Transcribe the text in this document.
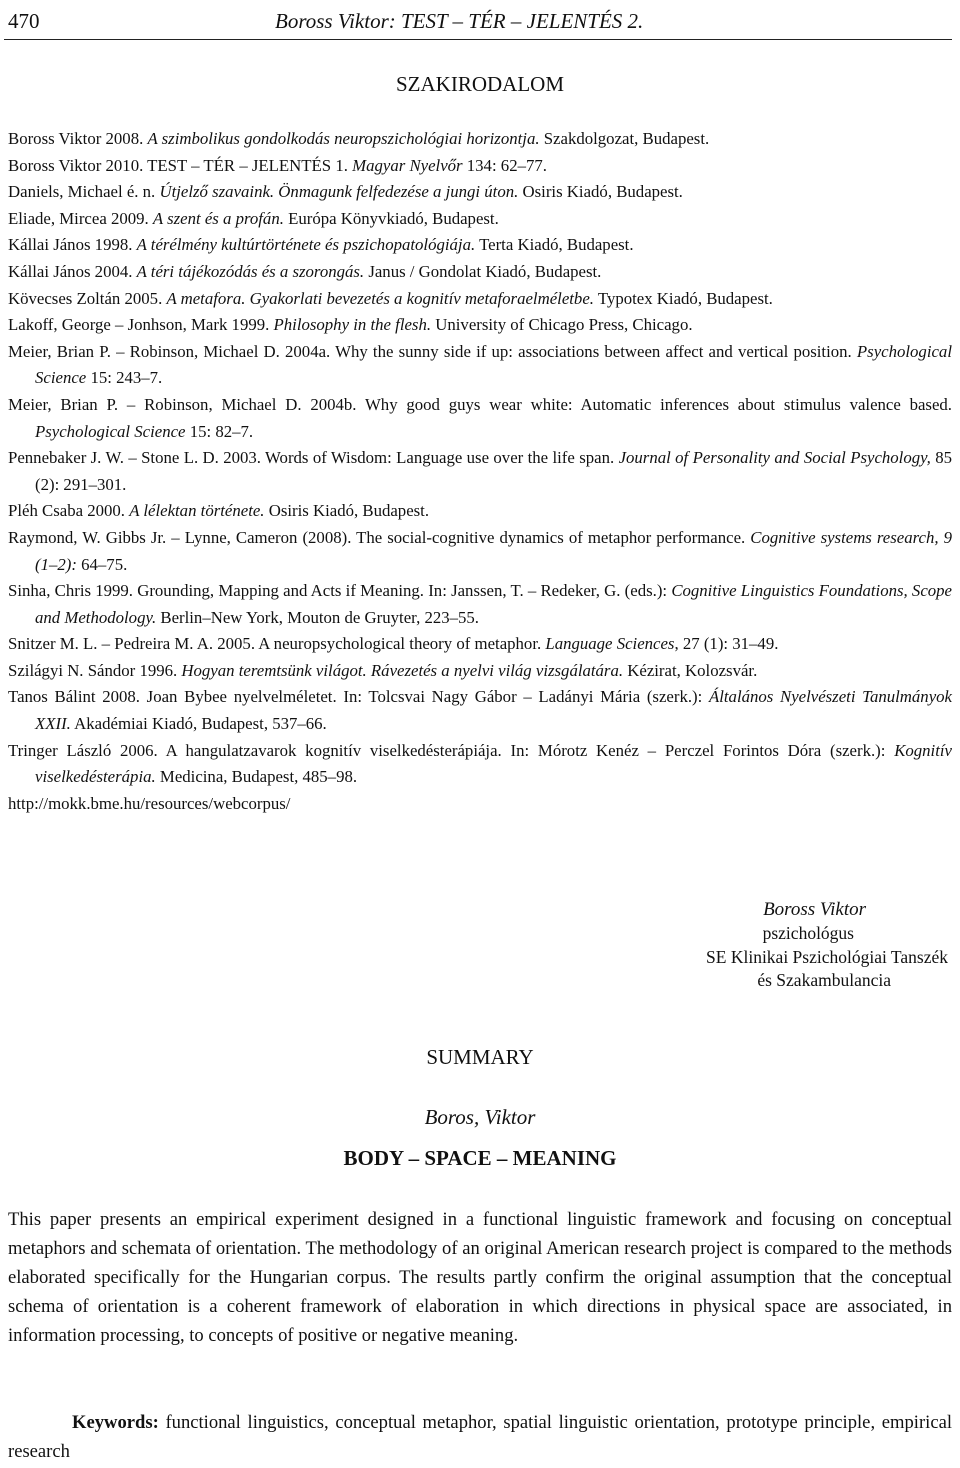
470	Boross Viktor: TEST – TÉR – JELENTÉS 2.
SZAKIRODALOM
Boross Viktor 2008. A szimbolikus gondolkodás neuropszichológiai horizontja. Szakdolgozat, Budapest.
Boross Viktor 2010. TEST – TÉR – JELENTÉS 1. Magyar Nyelvőr 134: 62–77.
Daniels, Michael é. n. Útjelző szavaink. Önmagunk felfedezése a jungi úton. Osiris Kiadó, Budapest.
Eliade, Mircea 2009. A szent és a profán. Európa Könyvkiadó, Budapest.
Kállai János 1998. A térélmény kultúrtörténete és pszichopatológiája. Terta Kiadó, Budapest.
Kállai János 2004. A téri tájékozódás és a szorongás. Janus / Gondolat Kiadó, Budapest.
Kövecses Zoltán 2005. A metafora. Gyakorlati bevezetés a kognitív metaforaelméletbe. Typotex Kiadó, Budapest.
Lakoff, George – Jonhson, Mark 1999. Philosophy in the flesh. University of Chicago Press, Chicago.
Meier, Brian P. – Robinson, Michael D. 2004a. Why the sunny side if up: associations between affect and vertical position. Psychological Science 15: 243–7.
Meier, Brian P. – Robinson, Michael D. 2004b. Why good guys wear white: Automatic inferences about stimulus valence based. Psychological Science 15: 82–7.
Pennebaker J. W. – Stone L. D. 2003. Words of Wisdom: Language use over the life span. Journal of Personality and Social Psychology, 85 (2): 291–301.
Pléh Csaba 2000. A lélektan története. Osiris Kiadó, Budapest.
Raymond, W. Gibbs Jr. – Lynne, Cameron (2008). The social-cognitive dynamics of metaphor performance. Cognitive systems research, 9 (1–2): 64–75.
Sinha, Chris 1999. Grounding, Mapping and Acts if Meaning. In: Janssen, T. – Redeker, G. (eds.): Cognitive Linguistics Foundations, Scope and Methodology. Berlin–New York, Mouton de Gruyter, 223–55.
Snitzer M. L. – Pedreira M. A. 2005. A neuropsychological theory of metaphor. Language Sciences, 27 (1): 31–49.
Szilágyi N. Sándor 1996. Hogyan teremtsünk világot. Rávezetés a nyelvi világ vizsgálatára. Kézirat, Kolozsvár.
Tanos Bálint 2008. Joan Bybee nyelvelméletet. In: Tolcsvai Nagy Gábor – Ladányi Mária (szerk.): Általános Nyelvészeti Tanulmányok XXII. Akadémiai Kiadó, Budapest, 537–66.
Tringer László 2006. A hangulatzavarok kognitív viselkedésterápiája. In: Mórotz Kenéz – Perczel Forintos Dóra (szerk.): Kognitív viselkedésterápia. Medicina, Budapest, 485–98.
http://mokk.bme.hu/resources/webcorpus/
Boross Viktor
pszichológus
SE Klinikai Pszichológiai Tanszék
és Szakambulancia
SUMMARY
Boros, Viktor
BODY – SPACE – MEANING
This paper presents an empirical experiment designed in a functional linguistic framework and focusing on conceptual metaphors and schemata of orientation. The methodology of an original American research project is compared to the methods elaborated specifically for the Hungarian corpus. The results partly confirm the original assumption that the conceptual schema of orientation is a coherent framework of elaboration in which directions in physical space are associated, in information processing, to concepts of positive or negative meaning.
Keywords: functional linguistics, conceptual metaphor, spatial linguistic orientation, prototype principle, empirical research
